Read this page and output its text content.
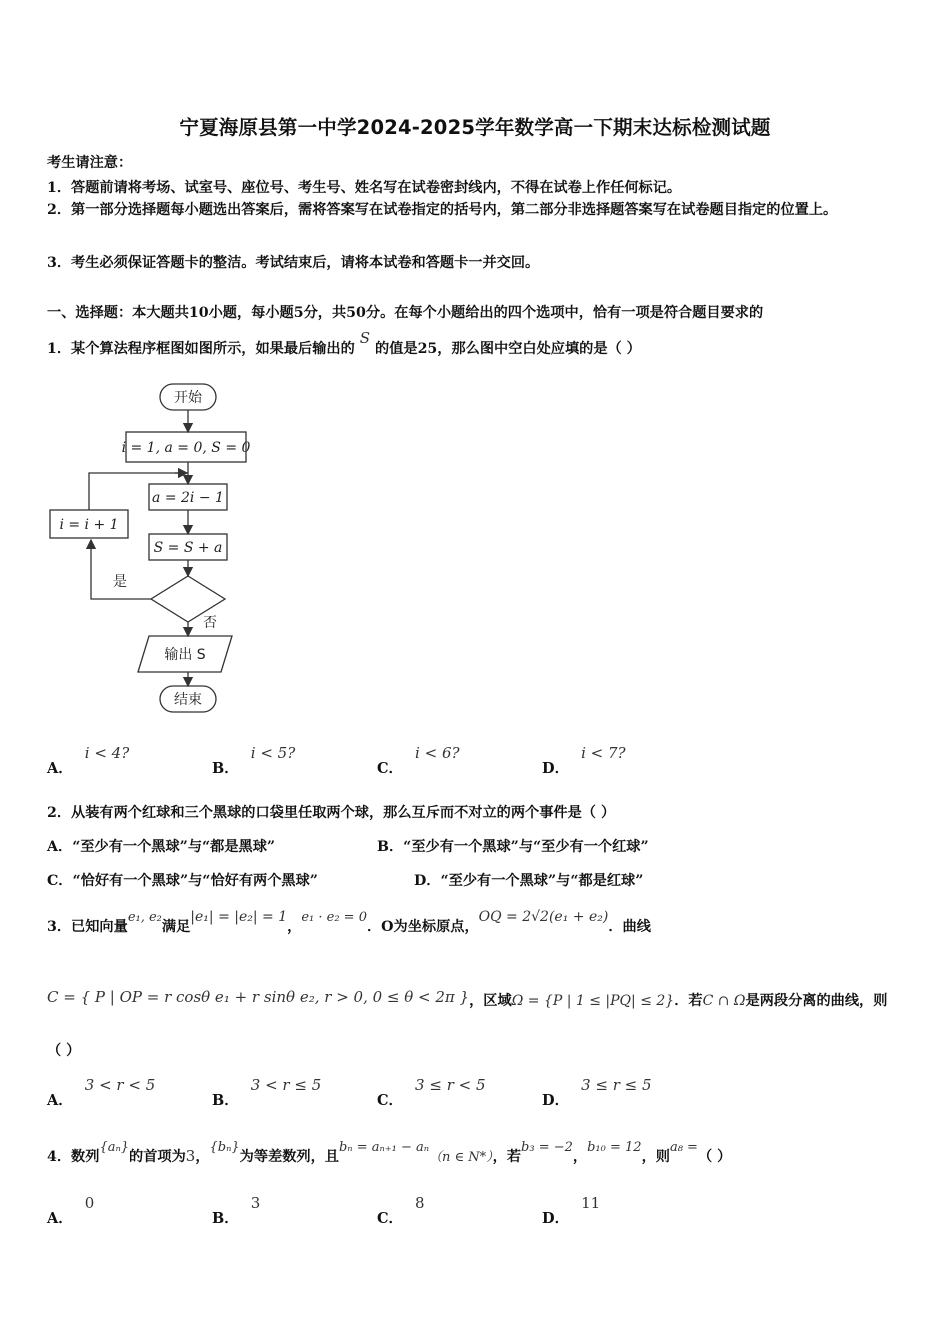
宁夏海原县第一中学2024-2025学年数学高一下期末达标检测试题
考生请注意：
1．答题前请将考场、试室号、座位号、考生号、姓名写在试卷密封线内，不得在试卷上作任何标记。
2．第一部分选择题每小题选出答案后，需将答案写在试卷指定的括号内，第二部分非选择题答案写在试卷题目指定的位置上。
3．考生必须保证答题卡的整洁。考试结束后，请将本试卷和答题卡一并交回。
一、选择题：本大题共10小题，每小题5分，共50分。在每个小题给出的四个选项中，恰有一项是符合题目要求的
1．某个算法程序框图如图所示，如果最后输出的 S 的值是25，那么图中空白处应填的是（ ）
开始
i = 1, a = 0, S = 0
a = 2i − 1
S = S + a
i = i + 1
是
否
输出 S
结束
A．i < 4?
B．i < 5?
C．i < 6?
D．i < 7?
2．从装有两个红球和三个黑球的口袋里任取两个球，那么互斥而不对立的两个事件是（ ）
A．“至少有一个黑球”与“都是黑球”	B．“至少有一个黑球”与“至少有一个红球”
C．“恰好有一个黑球”与“恰好有两个黑球”	D．“至少有一个黑球”与“都是红球”
3．已知向量e₁, e₂满足|e₁| = |e₂| = 1，e₁ · e₂ = 0．O为坐标原点，OQ = 2√2(e₁ + e₂)．曲线
C = { P | OP = r cosθ e₁ + r sinθ e₂, r > 0, 0 ≤ θ < 2π }，区域Ω = {P | 1 ≤ |PQ| ≤ 2}．若C ∩ Ω是两段分离的曲线，则
（ ）
A．3 < r < 5
B．3 < r ≤ 5
C．3 ≤ r < 5
D．3 ≤ r ≤ 5
4．数列{aₙ}的首项为3，{bₙ}为等差数列，且bₙ = aₙ₊₁ − aₙ（n ∈ N*），若b₃ = −2，b₁₀ = 12，则a₈ =（ ）
A．0
B．3
C．8
D．11
